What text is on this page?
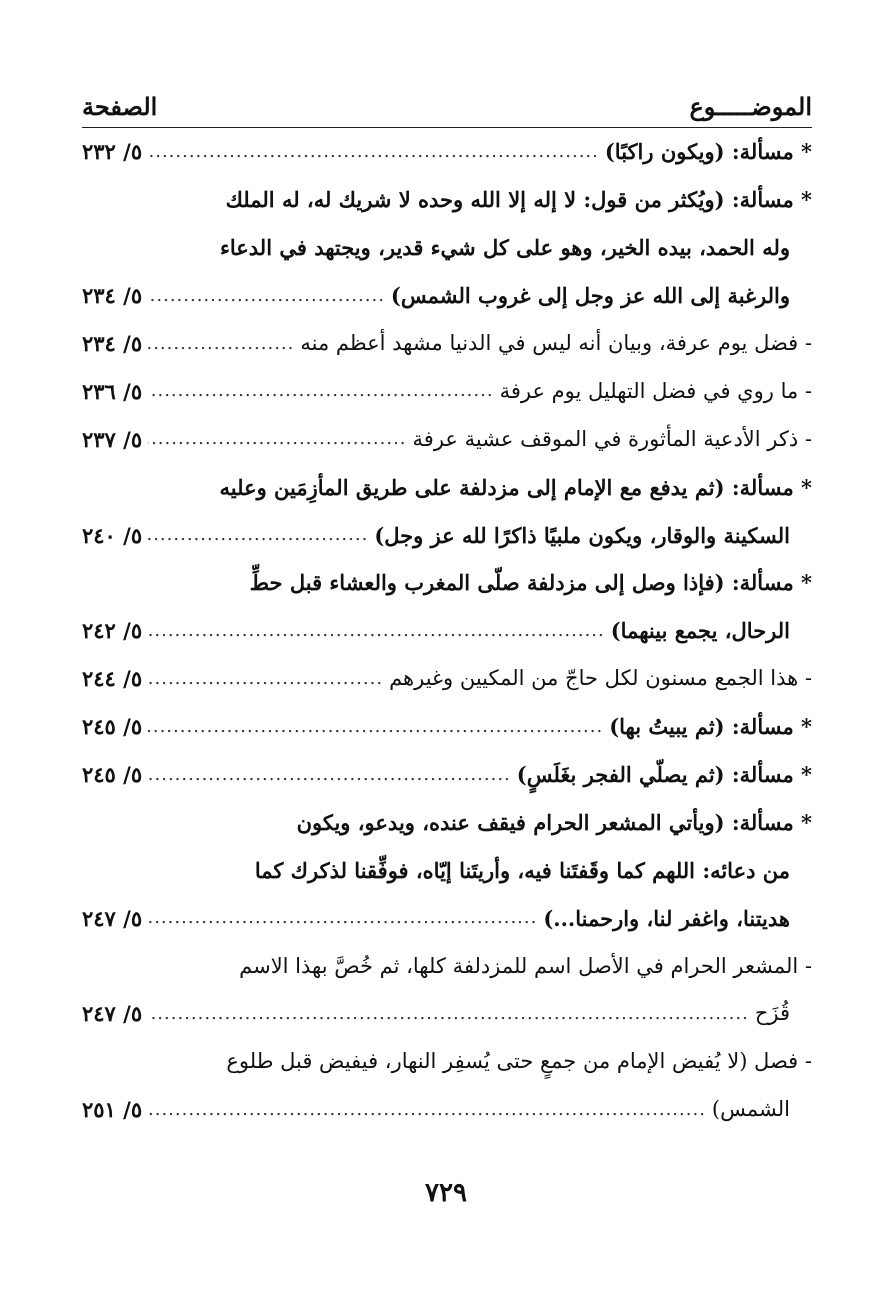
الموضـــــوع
الصفحة
* مسألة: (ويكون راكبًا)
.....
٥/ ٢٣٢
* مسألة: (ويُكثر من قول: لا إله إلا الله وحده لا شريك له، له الملك
وله الحمد، بيده الخير، وهو على كل شيء قدير، ويجتهد في الدعاء
والرغبة إلى الله عز وجل إلى غروب الشمس)
.....
٥/ ٢٣٤
- فضل يوم عرفة، وبيان أنه ليس في الدنيا مشهد أعظم منه
.....
٥/ ٢٣٤
- ما روي في فضل التهليل يوم عرفة
.....
٥/ ٢٣٦
- ذكر الأدعية المأثورة في الموقف عشية عرفة
.....
٥/ ٢٣٧
* مسألة: (ثم يدفع مع الإمام إلى مزدلفة على طريق المأزِمَين وعليه
السكينة والوقار، ويكون ملبيًا ذاكرًا لله عز وجل)
.....
٥/ ٢٤٠
* مسألة: (فإذا وصل إلى مزدلفة صلّى المغرب والعشاء قبل حطِّ
الرحال، يجمع بينهما)
.....
٥/ ٢٤٢
- هذا الجمع مسنون لكل حاجّ من المكيين وغيرهم
.....
٥/ ٢٤٤
* مسألة: (ثم يبيتُ بها)
.....
٥/ ٢٤٥
* مسألة: (ثم يصلّي الفجر بغَلَسٍ)
.....
٥/ ٢٤٥
* مسألة: (ويأتي المشعر الحرام فيقف عنده، ويدعو، ويكون
من دعائه: اللهم كما وقَفتَنا فيه، وأريتَنا إيّاه، فوفِّقنا لذكرك كما
هديتنا، واغفر لنا، وارحمنا...)
.....
٥/ ٢٤٧
- المشعر الحرام في الأصل اسم للمزدلفة كلها، ثم خُصَّ بهذا الاسم
قُزَح
.....
٥/ ٢٤٧
- فصل (لا يُفيض الإمام من جمعٍ حتى يُسفِر النهار، فيفيض قبل طلوع
الشمس)
.....
٥/ ٢٥١
٧٢٩
